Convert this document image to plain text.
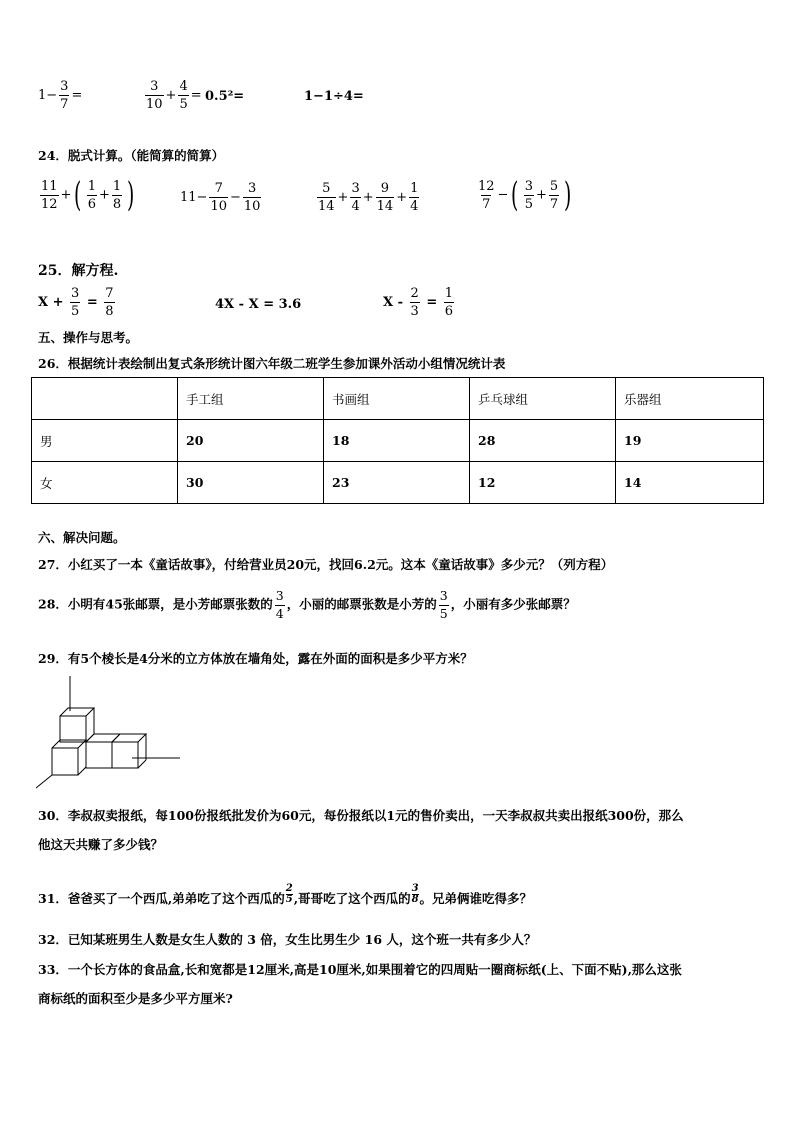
$1- \frac{3}{7}$ =	$\frac{3}{10} + \frac{4}{5} = 0.5^2=$	1−1÷4=
24．脱式计算。（能简算的简算）
$\frac{11}{12}$ +( $\frac{1}{6} + \frac{1}{8}$ )	$11- \frac{7}{10} - \frac{3}{10}$	$\frac{5}{14} + \frac{3}{4} + \frac{9}{14} + \frac{1}{4}$	$\frac{12}{7}$ −( $\frac{3}{5} + \frac{5}{7}$ )
25．解方程.
$X + \frac{3}{5} = \frac{7}{8}$	4X - X = 3.6	$X - \frac{2}{3} = \frac{1}{6}$
五、操作与思考。
26．根据统计表绘制出复式条形统计图六年级二班学生参加课外活动小组情况统计表
	手工组	书画组	乒乓球组	乐器组
男	20	18	28	19
女	30	23	12	14
六、解决问题。
27．小红买了一本《童话故事》，付给营业员20元，找回6.2元。这本《童话故事》多少元？（列方程）
28．小明有45张邮票，是小芳邮票张数的 $\frac{3}{4}$ ，小丽的邮票张数是小芳的 $\frac{3}{5}$ ，小丽有多少张邮票？
29．有5个棱长是4分米的立方体放在墙角处，露在外面的面积是多少平方米？
30．李叔叔卖报纸，每100份报纸批发价为60元，每份报纸以1元的售价卖出，一天李叔叔共卖出报纸300份，那么
他这天共赚了多少钱？
31．爸爸买了一个西瓜,弟弟吃了这个西瓜的 $\frac{2}{5}$ ,哥哥吃了这个西瓜的 $\frac{3}{8}$ 。兄弟俩谁吃得多？
32．已知某班男生人数是女生人数的 3 倍，女生比男生少 16 人，这个班一共有多少人？
33．一个长方体的食品盒,长和宽都是12厘米,高是10厘米,如果围着它的四周贴一圈商标纸(上、下面不贴),那么这张
商标纸的面积至少是多少平方厘米?
